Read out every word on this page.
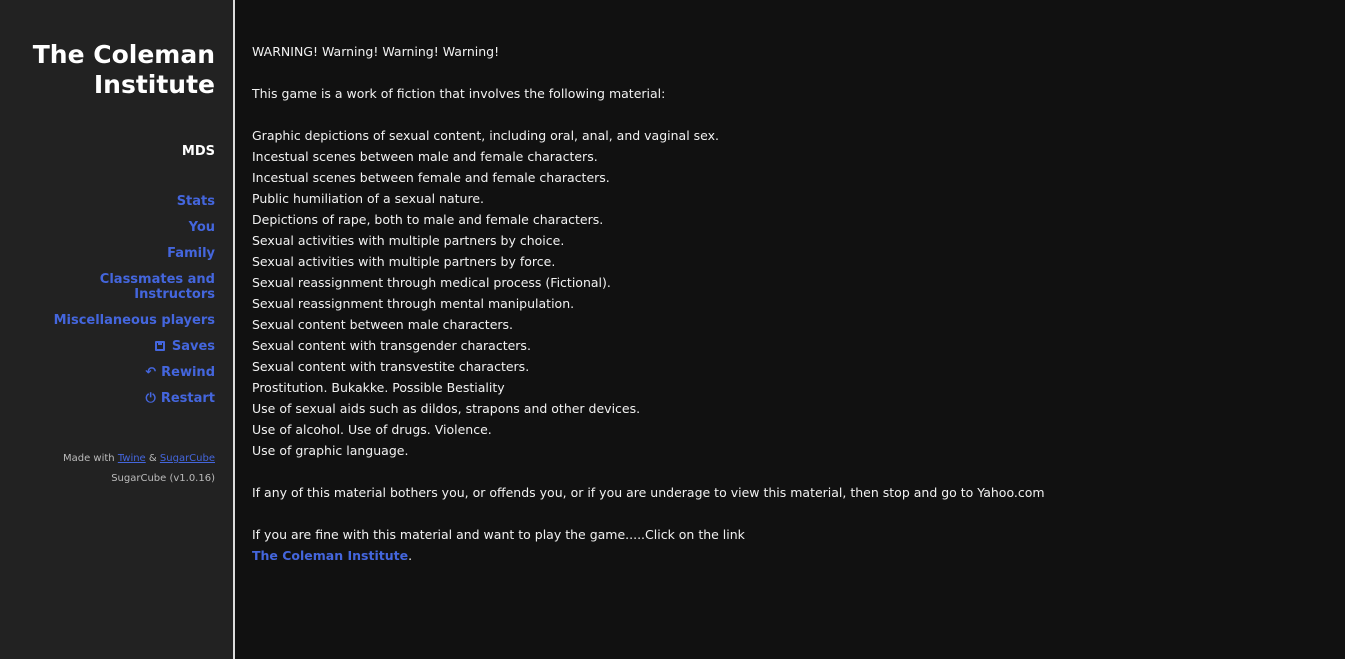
The Coleman Institute
MDS
Stats
You
Family
Classmates and Instructors
Miscellaneous players
Saves
↶ Rewind
⏻ Restart
Made with Twine & SugarCube
SugarCube (v1.0.16)

WARNING! Warning! Warning! Warning!

This game is a work of fiction that involves the following material:

Graphic depictions of sexual content, including oral, anal, and vaginal sex.

Incestual scenes between male and female characters.

Incestual scenes between female and female characters.

Public humiliation of a sexual nature.

Depictions of rape, both to male and female characters.

Sexual activities with multiple partners by choice.

Sexual activities with multiple partners by force.

Sexual reassignment through medical process (Fictional).

Sexual reassignment through mental manipulation.

Sexual content between male characters.

Sexual content with transgender characters.

Sexual content with transvestite characters.

Prostitution. Bukakke. Possible Bestiality

Use of sexual aids such as dildos, strapons and other devices.

Use of alcohol. Use of drugs. Violence.

Use of graphic language.

If any of this material bothers you, or offends you, or if you are underage to view this material, then stop and go to Yahoo.com

If you are fine with this material and want to play the game.....Click on the link

The Coleman Institute.
